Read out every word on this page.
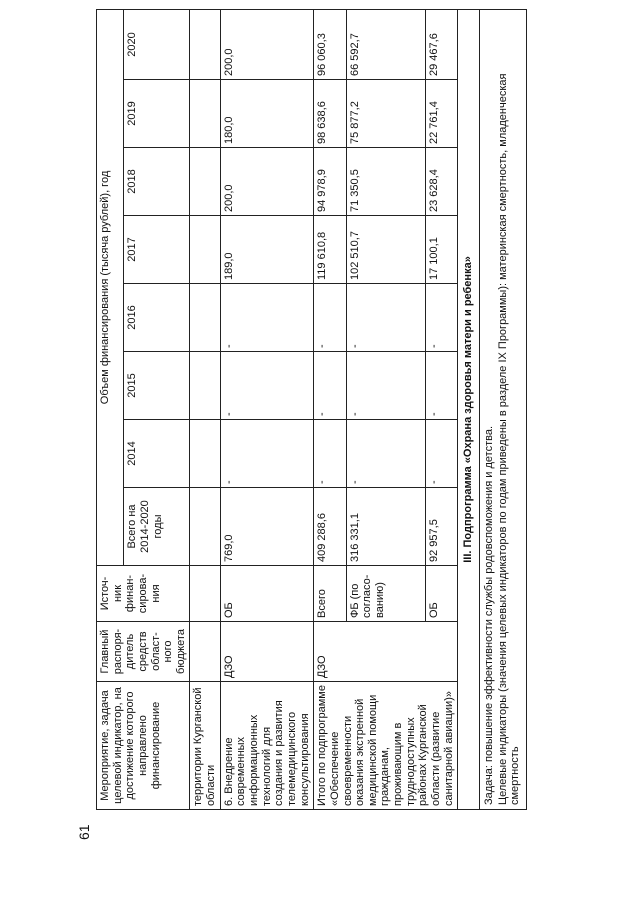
61
Мероприятие, задача целевой индикатор, на достижение которого направлено финансирование	Главный распоря-дитель средств област-ного бюджета	Источ-ник финан-сирова-ния	Объем финансирования (тысяча рублей), год							
			Всего на 2014-2020 годы	2014	2015	2016	2017	2018	2019	2020
территории Курганской области										
6. Внедрение современных информационных технологий для создания и развития телемедицинского консультирования	ДЗО	ОБ	769,0	-	-	-	189,0	200,0	180,0	200,0
Итого по подпрограмме «Обеспечение своевременности оказания экстренной медицинской помощи гражданам, проживающим в труднодоступных районах Курганской области (развитие санитарной авиации)»	ДЗО	Всего	409 288,6	-	-	-	119 610,8	94 978,9	98 638,6	96 060,3
		ФБ (по согласо-ванию)	316 331,1	-	-	-	102 510,7	71 350,5	75 877,2	66 592,7
		ОБ	92 957,5	-	-	-	17 100,1	23 628,4	22 761,4	29 467,6
III. Подпрограмма «Охрана здоровья матери и ребенка»										

Задача: повышение эффективности службы родовспоможения и детства. Целевые индикаторы (значения целевых индикаторов по годам приведены в разделе IX Программы): материнская смертность, младенческая смертность										
